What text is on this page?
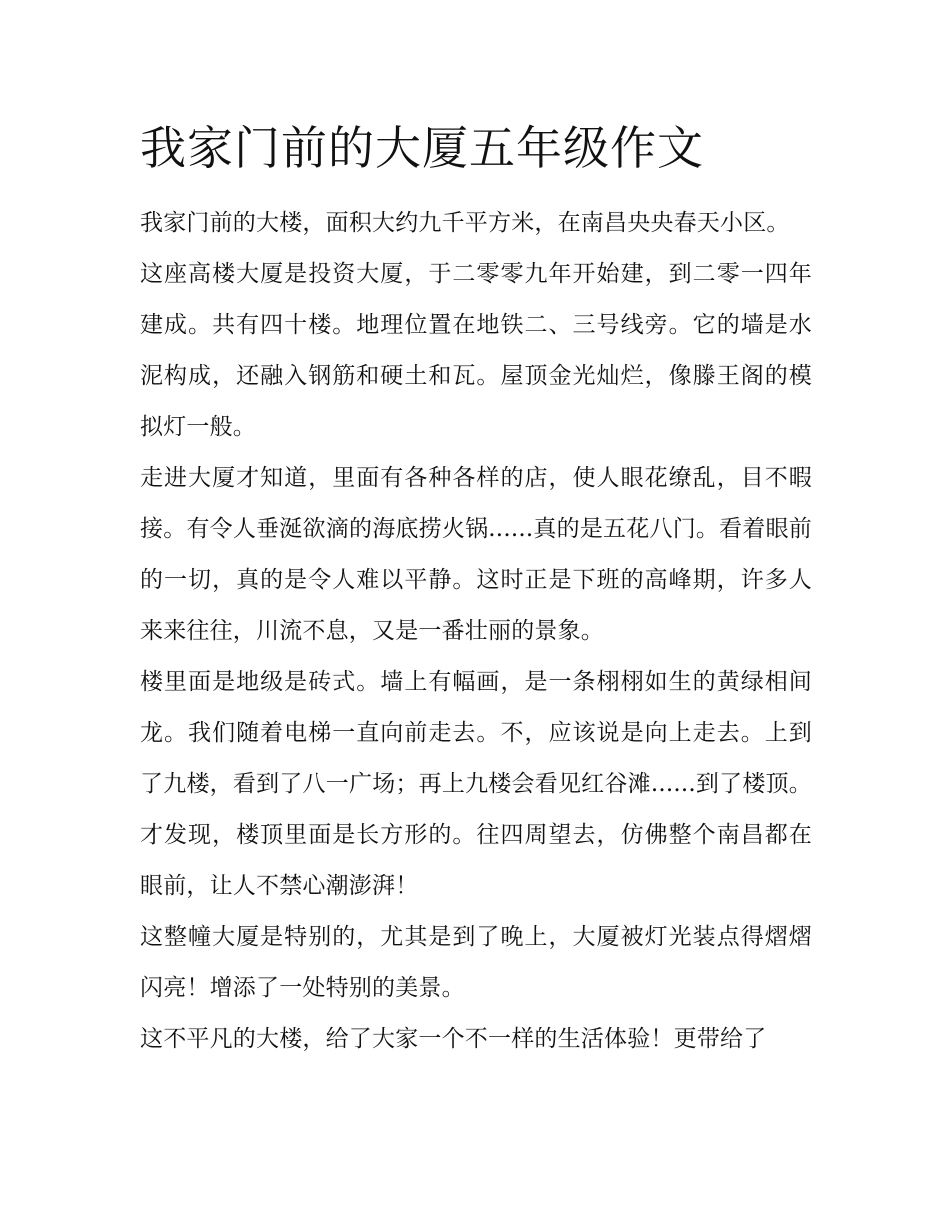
我家门前的大厦五年级作文

我家门前的大楼，面积大约九千平方米，在南昌央央春天小区。

这座高楼大厦是投资大厦，于二零零九年开始建，到二零一四年建成。共有四十楼。地理位置在地铁二、三号线旁。它的墙是水泥构成，还融入钢筋和硬土和瓦。屋顶金光灿烂，像滕王阁的模拟灯一般。

走进大厦才知道，里面有各种各样的店，使人眼花缭乱，目不暇接。有令人垂涎欲滴的海底捞火锅......真的是五花八门。看着眼前的一切，真的是令人难以平静。这时正是下班的高峰期，许多人来来往往，川流不息，又是一番壮丽的景象。

楼里面是地级是砖式。墙上有幅画，是一条栩栩如生的黄绿相间龙。我们随着电梯一直向前走去。不，应该说是向上走去。上到了九楼，看到了八一广场；再上九楼会看见红谷滩......到了楼顶。才发现，楼顶里面是长方形的。往四周望去，仿佛整个南昌都在眼前，让人不禁心潮澎湃！

这整幢大厦是特别的，尤其是到了晚上，大厦被灯光装点得熠熠闪亮！增添了一处特别的美景。

这不平凡的大楼，给了大家一个不一样的生活体验！更带给了
